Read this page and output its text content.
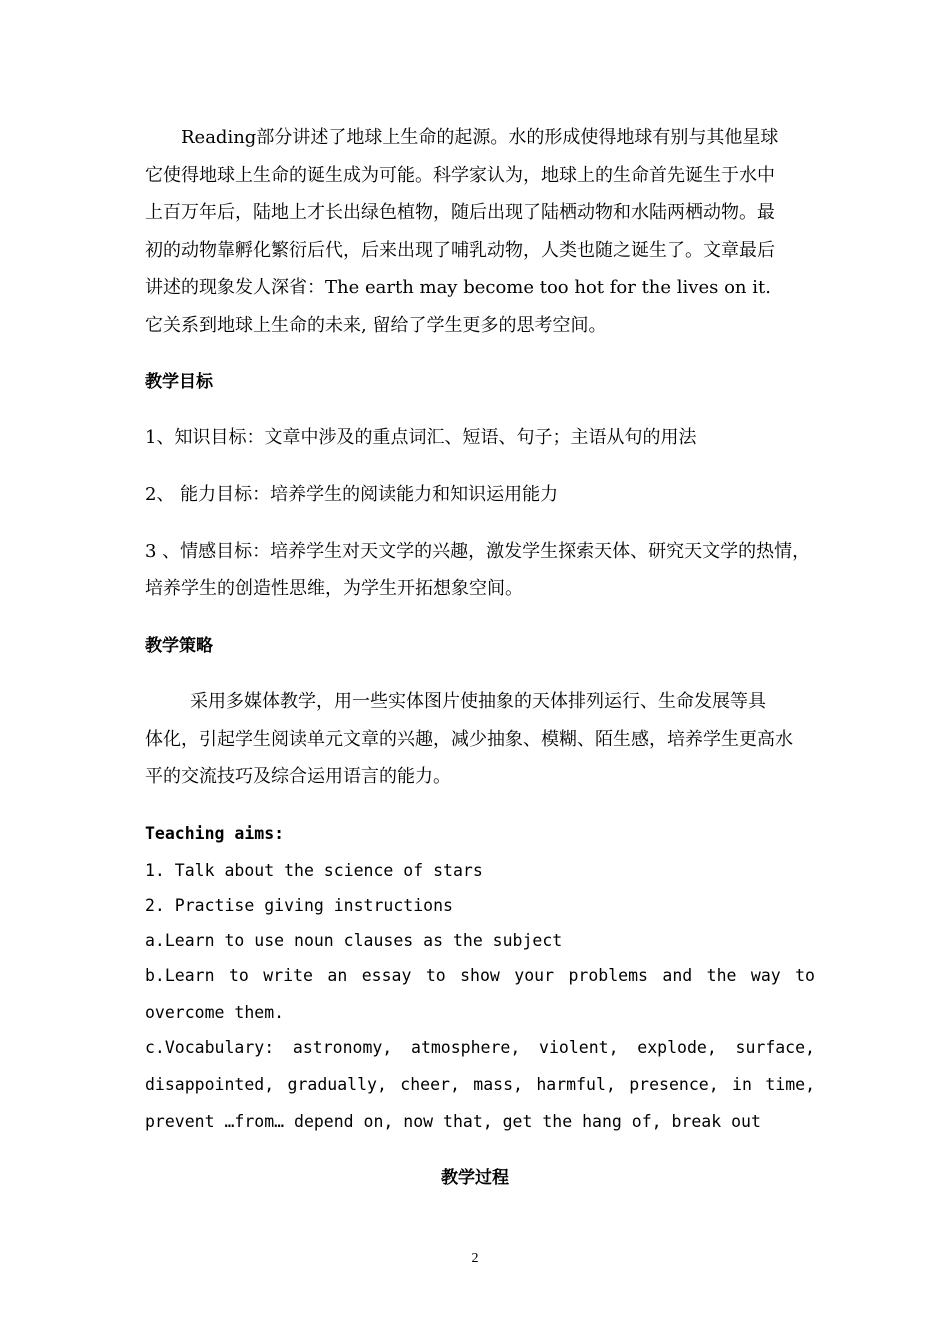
Reading部分讲述了地球上生命的起源。水的形成使得地球有别与其他星球
它使得地球上生命的诞生成为可能。科学家认为，地球上的生命首先诞生于水中
上百万年后，陆地上才长出绿色植物，随后出现了陆栖动物和水陆两栖动物。最
初的动物靠孵化繁衍后代，后来出现了哺乳动物，人类也随之诞生了。文章最后
讲述的现象发人深省：The earth may become too hot for the lives on it.
它关系到地球上生命的未来, 留给了学生更多的思考空间。
教学目标
1、知识目标：文章中涉及的重点词汇、短语、句子；主语从句的用法
2、 能力目标：培养学生的阅读能力和知识运用能力
3 、情感目标：培养学生对天文学的兴趣，激发学生探索天体、研究天文学的热情，
培养学生的创造性思维，为学生开拓想象空间。
教学策略
采用多媒体教学，用一些实体图片使抽象的天体排列运行、生命发展等具
体化，引起学生阅读单元文章的兴趣，减少抽象、模糊、陌生感，培养学生更高水
平的交流技巧及综合运用语言的能力。
Teaching aims:
1. Talk about the science of stars
2. Practise giving instructions
a.Learn to use noun clauses as the subject
b.Learn to write an essay to show your problems and the way to
overcome them.
c.Vocabulary: astronomy, atmosphere, violent, explode, surface,
disappointed, gradually, cheer, mass, harmful, presence, in time,
prevent …from… depend on, now that, get the hang of, break out
教学过程
2
